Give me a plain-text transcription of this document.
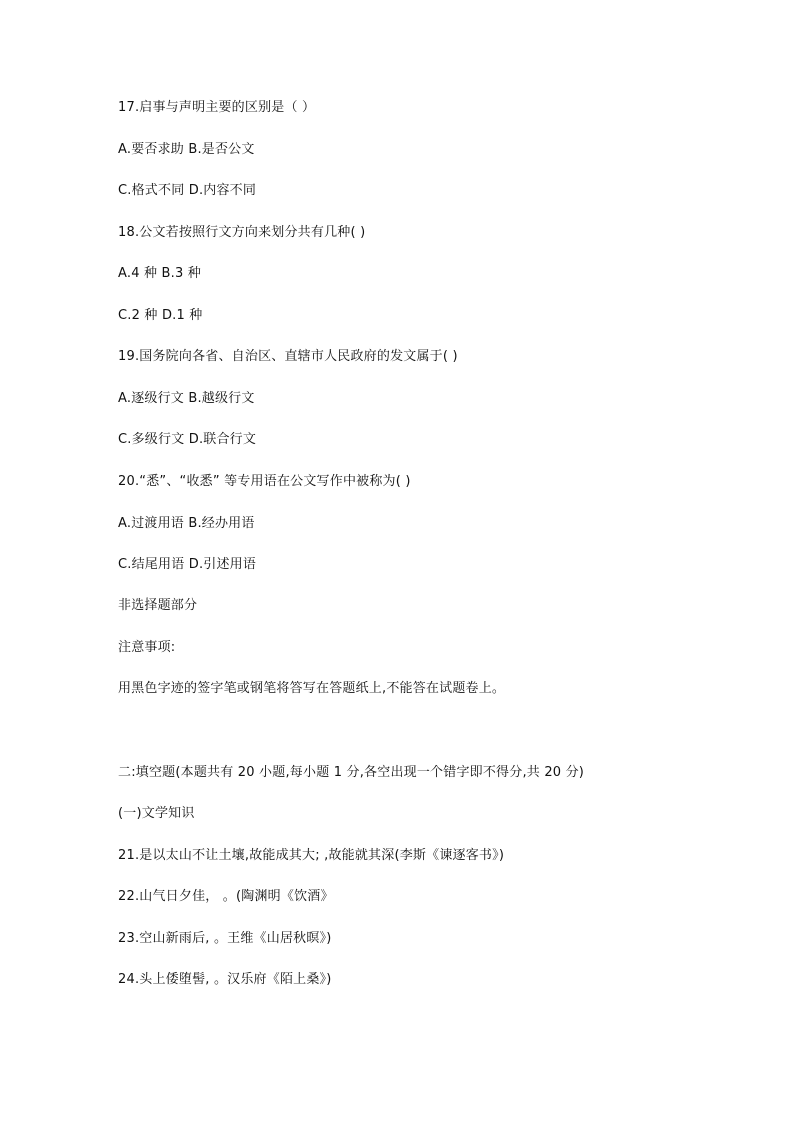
17.启事与声明主要的区别是（ ）
A.要否求助 B.是否公文
C.格式不同 D.内容不同
18.公文若按照行文方向来划分共有几种( )
A.4 种 B.3 种
C.2 种 D.1 种
19.国务院向各省、自治区、直辖市人民政府的发文属于( )
A.逐级行文 B.越级行文
C.多级行文 D.联合行文
20.“悉”、“收悉” 等专用语在公文写作中被称为( )
A.过渡用语 B.经办用语
C.结尾用语 D.引述用语
非选择题部分
注意事项:
用黑色字迹的签字笔或钢笔将答写在答题纸上,不能答在试题卷上。
二:填空题(本题共有 20 小题,每小题 1 分,各空出现一个错字即不得分,共 20 分)
(一)文学知识
21.是以太山不让土壤,故能成其大; ,故能就其深(李斯《谏逐客书》)
22.山气日夕佳， 。(陶渊明《饮酒》
23.空山新雨后, 。王维《山居秋暝》)
24.头上倭堕髻, 。汉乐府《陌上桑》)
